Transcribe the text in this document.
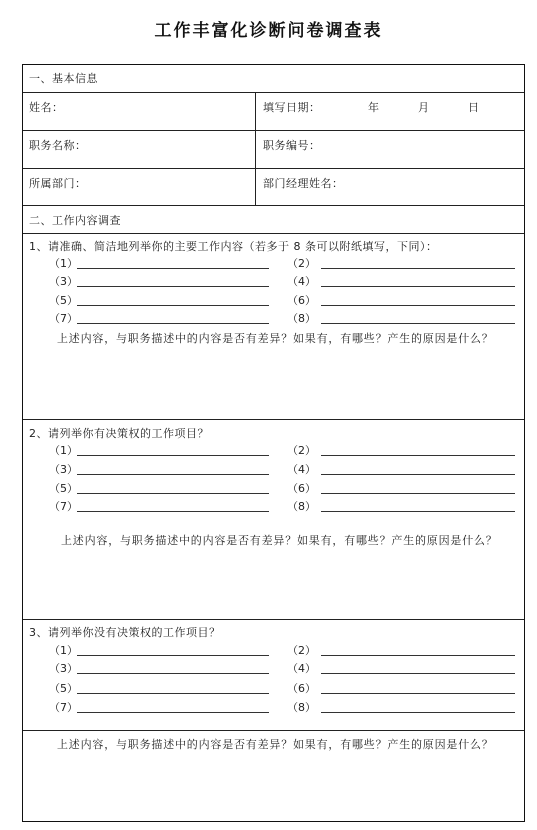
工作丰富化诊断问卷调查表
一、基本信息
姓名：	填写日期：	年	月	日
职务名称：	职务编号：
所属部门：	部门经理姓名：
二、工作内容调查
1、请准确、简洁地列举你的主要工作内容（若多于 8 条可以附纸填写，下同）：
（1）	（2）
（3）	（4）
（5）	（6）
（7）	（8）
上述内容，与职务描述中的内容是否有差异？如果有，有哪些？产生的原因是什么？
2、请列举你有决策权的工作项目？
（1）	（2）
（3）	（4）
（5）	（6）
（7）	（8）
上述内容，与职务描述中的内容是否有差异？如果有，有哪些？产生的原因是什么？
3、请列举你没有决策权的工作项目？
（1）	（2）
（3）	（4）
（5）	（6）
（7）	（8）
上述内容，与职务描述中的内容是否有差异？如果有，有哪些？产生的原因是什么？
